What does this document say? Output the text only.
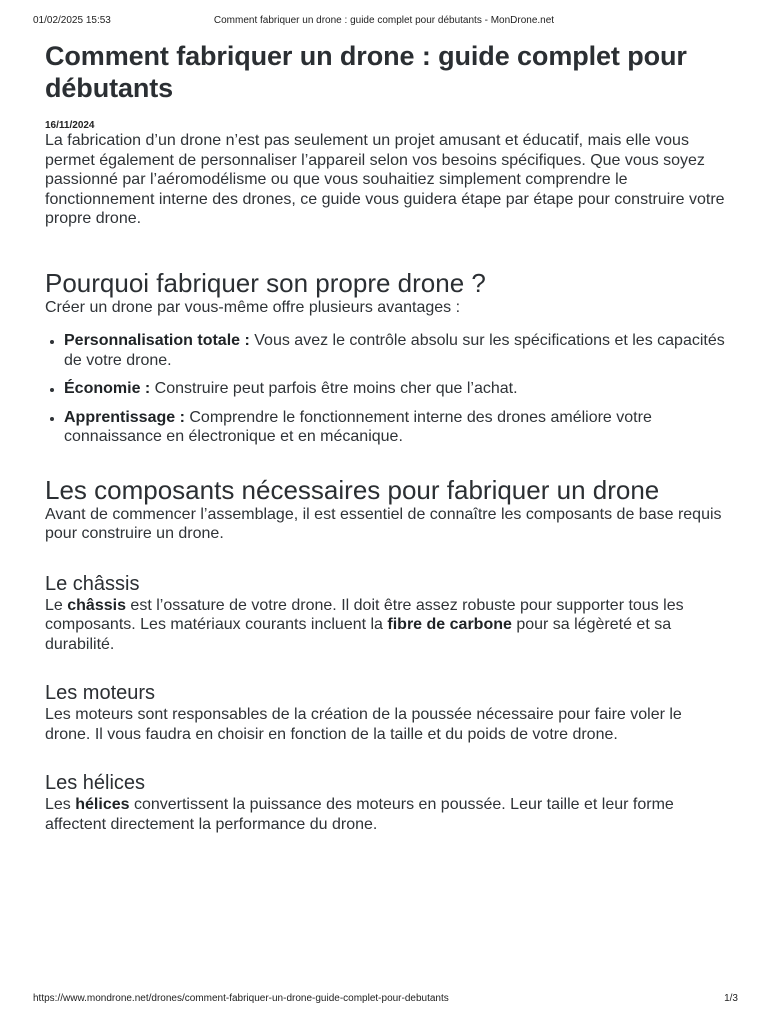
01/02/2025 15:53	Comment fabriquer un drone : guide complet pour débutants - MonDrone.net
Comment fabriquer un drone : guide complet pour débutants
16/11/2024

La fabrication d’un drone n’est pas seulement un projet amusant et éducatif, mais elle vous permet également de personnaliser l’appareil selon vos besoins spécifiques. Que vous soyez passionné par l’aéromodélisme ou que vous souhaitiez simplement comprendre le fonctionnement interne des drones, ce guide vous guidera étape par étape pour construire votre propre drone.

Pourquoi fabriquer son propre drone ?

Créer un drone par vous-même offre plusieurs avantages :

• Personnalisation totale : Vous avez le contrôle absolu sur les spécifications et les capacités de votre drone.
• Économie : Construire peut parfois être moins cher que l’achat.
• Apprentissage : Comprendre le fonctionnement interne des drones améliore votre connaissance en électronique et en mécanique.
Les composants nécessaires pour fabriquer un drone

Avant de commencer l’assemblage, il est essentiel de connaître les composants de base requis pour construire un drone.

Le châssis

Le châssis est l’ossature de votre drone. Il doit être assez robuste pour supporter tous les composants. Les matériaux courants incluent la fibre de carbone pour sa légèreté et sa durabilité.

Les moteurs

Les moteurs sont responsables de la création de la poussée nécessaire pour faire voler le drone. Il vous faudra en choisir en fonction de la taille et du poids de votre drone.

Les hélices

Les hélices convertissent la puissance des moteurs en poussée. Leur taille et leur forme affectent directement la performance du drone.

https://www.mondrone.net/drones/comment-fabriquer-un-drone-guide-complet-pour-debutants	1/3
